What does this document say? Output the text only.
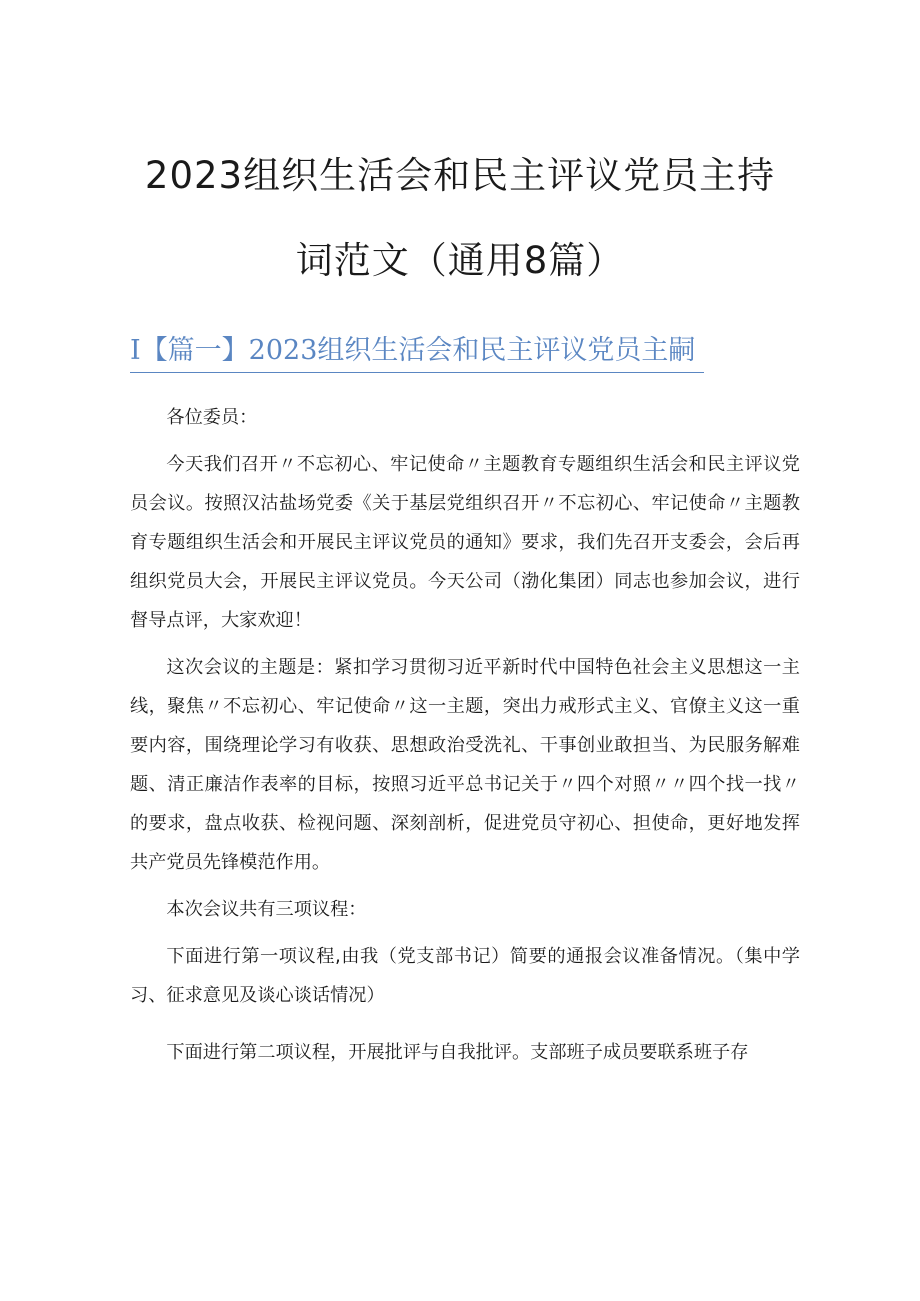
2023组织生活会和民主评议党员主持
词范文（通用8篇）
I【篇一】2023组织生活会和民主评议党员主嗣

各位委员：

今天我们召开〃不忘初心、牢记使命〃主题教育专题组织生活会和民主评议党员会议。按照汉沽盐场党委《关于基层党组织召开〃不忘初心、牢记使命〃主题教育专题组织生活会和开展民主评议党员的通知》要求，我们先召开支委会，会后再组织党员大会，开展民主评议党员。今天公司（渤化集团）同志也参加会议，进行督导点评，大家欢迎！

这次会议的主题是：紧扣学习贯彻习近平新时代中国特色社会主义思想这一主线，聚焦〃不忘初心、牢记使命〃这一主题，突出力戒形式主义、官僚主义这一重要内容，围绕理论学习有收获、思想政治受洗礼、干事创业敢担当、为民服务解难题、清正廉洁作表率的目标，按照习近平总书记关于〃四个对照〃〃四个找一找〃的要求，盘点收获、检视问题、深刻剖析，促进党员守初心、担使命，更好地发挥共产党员先锋模范作用。

本次会议共有三项议程：

下面进行第一项议程,由我（党支部书记）简要的通报会议准备情况。（集中学习、征求意见及谈心谈话情况）

下面进行第二项议程，开展批评与自我批评。支部班子成员要联系班子存
